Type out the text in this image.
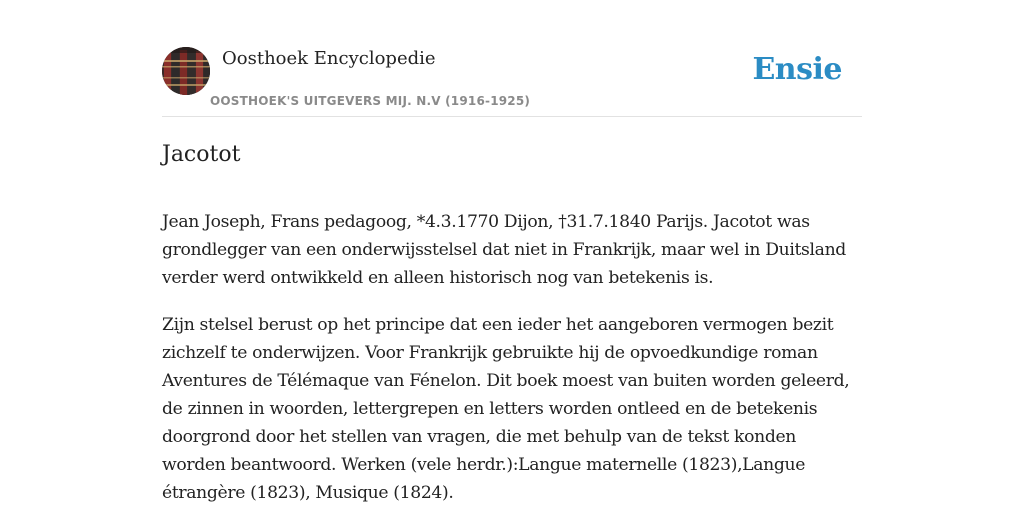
Oosthoek Encyclopedie
OOSTHOEK'S UITGEVERS MIJ. N.V (1916-1925)
Ensie
Jacotot

Jean Joseph, Frans pedagoog, *4.3.1770 Dijon, †31.7.1840 Parijs. Jacotot was grondlegger van een onderwijsstelsel dat niet in Frankrijk, maar wel in Duitsland verder werd ontwikkeld en alleen historisch nog van betekenis is.

Zijn stelsel berust op het principe dat een ieder het aangeboren vermogen bezit zichzelf te onderwijzen. Voor Frankrijk gebruikte hij de opvoedkundige roman Aventures de Télémaque van Fénelon. Dit boek moest van buiten worden geleerd, de zinnen in woorden, lettergrepen en letters worden ontleed en de betekenis doorgrond door het stellen van vragen, die met behulp van de tekst konden worden beantwoord. Werken (vele herdr.):Langue maternelle (1823),Langue étrangère (1823), Musique (1824).
